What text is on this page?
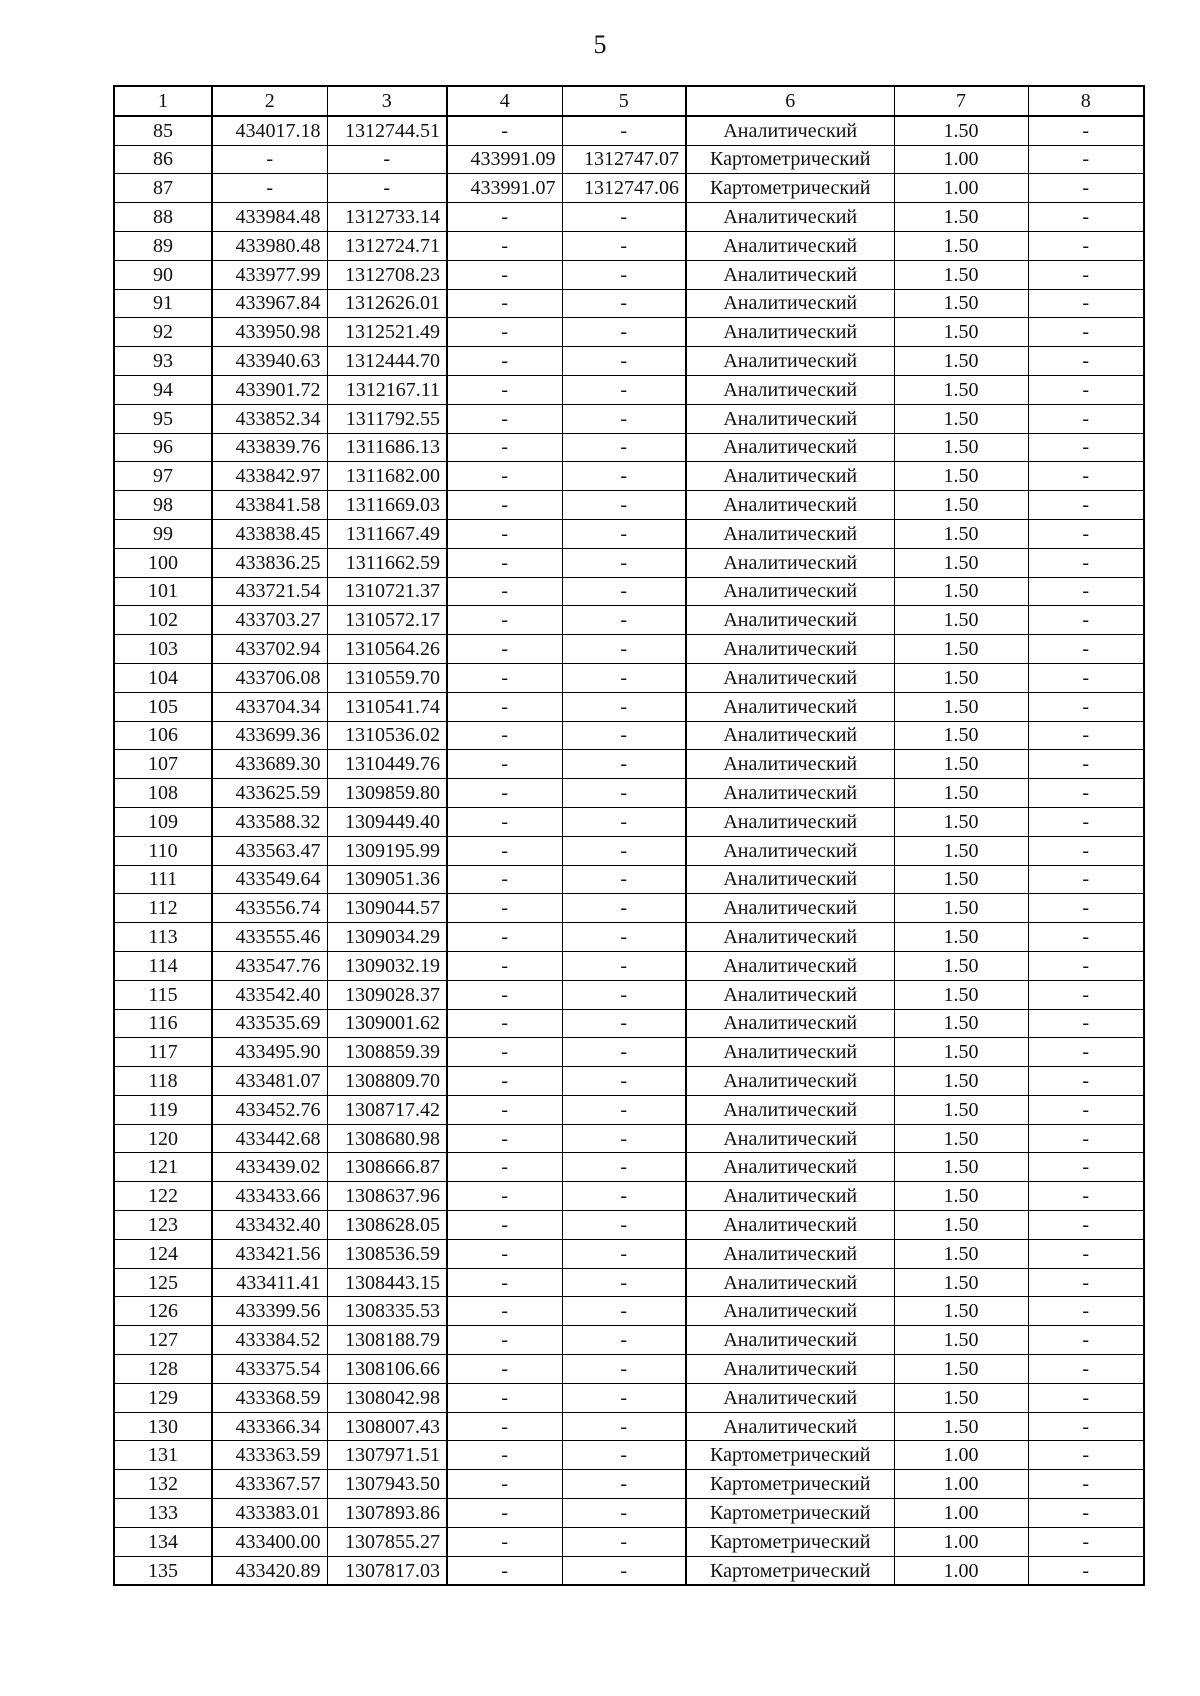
5
1	2	3	4	5	6	7	8
85	434017.18	1312744.51	-	-	Аналитический	1.50	-
86	-	-	433991.09	1312747.07	Картометрический	1.00	-
87	-	-	433991.07	1312747.06	Картометрический	1.00	-
88	433984.48	1312733.14	-	-	Аналитический	1.50	-
89	433980.48	1312724.71	-	-	Аналитический	1.50	-
90	433977.99	1312708.23	-	-	Аналитический	1.50	-
91	433967.84	1312626.01	-	-	Аналитический	1.50	-
92	433950.98	1312521.49	-	-	Аналитический	1.50	-
93	433940.63	1312444.70	-	-	Аналитический	1.50	-
94	433901.72	1312167.11	-	-	Аналитический	1.50	-
95	433852.34	1311792.55	-	-	Аналитический	1.50	-
96	433839.76	1311686.13	-	-	Аналитический	1.50	-
97	433842.97	1311682.00	-	-	Аналитический	1.50	-
98	433841.58	1311669.03	-	-	Аналитический	1.50	-
99	433838.45	1311667.49	-	-	Аналитический	1.50	-
100	433836.25	1311662.59	-	-	Аналитический	1.50	-
101	433721.54	1310721.37	-	-	Аналитический	1.50	-
102	433703.27	1310572.17	-	-	Аналитический	1.50	-
103	433702.94	1310564.26	-	-	Аналитический	1.50	-
104	433706.08	1310559.70	-	-	Аналитический	1.50	-
105	433704.34	1310541.74	-	-	Аналитический	1.50	-
106	433699.36	1310536.02	-	-	Аналитический	1.50	-
107	433689.30	1310449.76	-	-	Аналитический	1.50	-
108	433625.59	1309859.80	-	-	Аналитический	1.50	-
109	433588.32	1309449.40	-	-	Аналитический	1.50	-
110	433563.47	1309195.99	-	-	Аналитический	1.50	-
111	433549.64	1309051.36	-	-	Аналитический	1.50	-
112	433556.74	1309044.57	-	-	Аналитический	1.50	-
113	433555.46	1309034.29	-	-	Аналитический	1.50	-
114	433547.76	1309032.19	-	-	Аналитический	1.50	-
115	433542.40	1309028.37	-	-	Аналитический	1.50	-
116	433535.69	1309001.62	-	-	Аналитический	1.50	-
117	433495.90	1308859.39	-	-	Аналитический	1.50	-
118	433481.07	1308809.70	-	-	Аналитический	1.50	-
119	433452.76	1308717.42	-	-	Аналитический	1.50	-
120	433442.68	1308680.98	-	-	Аналитический	1.50	-
121	433439.02	1308666.87	-	-	Аналитический	1.50	-
122	433433.66	1308637.96	-	-	Аналитический	1.50	-
123	433432.40	1308628.05	-	-	Аналитический	1.50	-
124	433421.56	1308536.59	-	-	Аналитический	1.50	-
125	433411.41	1308443.15	-	-	Аналитический	1.50	-
126	433399.56	1308335.53	-	-	Аналитический	1.50	-
127	433384.52	1308188.79	-	-	Аналитический	1.50	-
128	433375.54	1308106.66	-	-	Аналитический	1.50	-
129	433368.59	1308042.98	-	-	Аналитический	1.50	-
130	433366.34	1308007.43	-	-	Аналитический	1.50	-
131	433363.59	1307971.51	-	-	Картометрический	1.00	-
132	433367.57	1307943.50	-	-	Картометрический	1.00	-
133	433383.01	1307893.86	-	-	Картометрический	1.00	-
134	433400.00	1307855.27	-	-	Картометрический	1.00	-
135	433420.89	1307817.03	-	-	Картометрический	1.00	-
